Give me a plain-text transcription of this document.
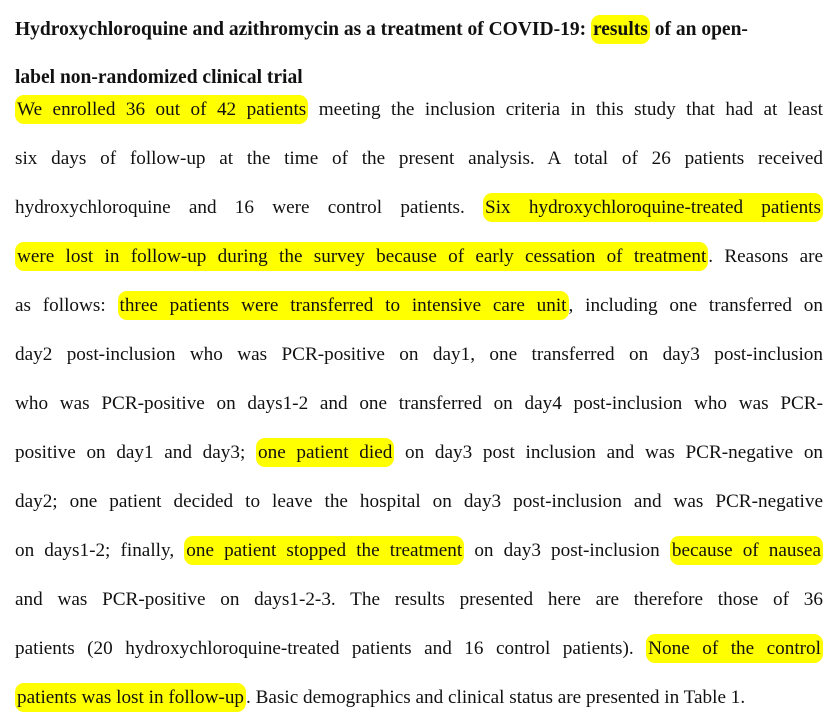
Hydroxychloroquine and azithromycin as a treatment of COVID-19: results of an open-
label non-randomized clinical trial
We enrolled 36 out of 42 patients meeting the inclusion criteria in this study that had at least
six days of follow-up at the time of the present analysis. A total of 26 patients received
hydroxychloroquine and 16 were control patients. Six hydroxychloroquine-treated patients
were lost in follow-up during the survey because of early cessation of treatment . Reasons are
as follows: three patients were transferred to intensive care unit , including one transferred on
day2 post-inclusion who was PCR-positive on day1, one transferred on day3 post-inclusion
who was PCR-positive on days1-2 and one transferred on day4 post-inclusion who was PCR-
positive on day1 and day3; one patient died on day3 post inclusion and was PCR-negative on
day2; one patient decided to leave the hospital on day3 post-inclusion and was PCR-negative
on days1-2; finally, one patient stopped the treatment on day3 post-inclusion because of nausea
and was PCR-positive on days1-2-3. The results presented here are therefore those of 36
patients (20 hydroxychloroquine-treated patients and 16 control patients). None of the control
patients was lost in follow-up . Basic demographics and clinical status are presented in Table 1.
